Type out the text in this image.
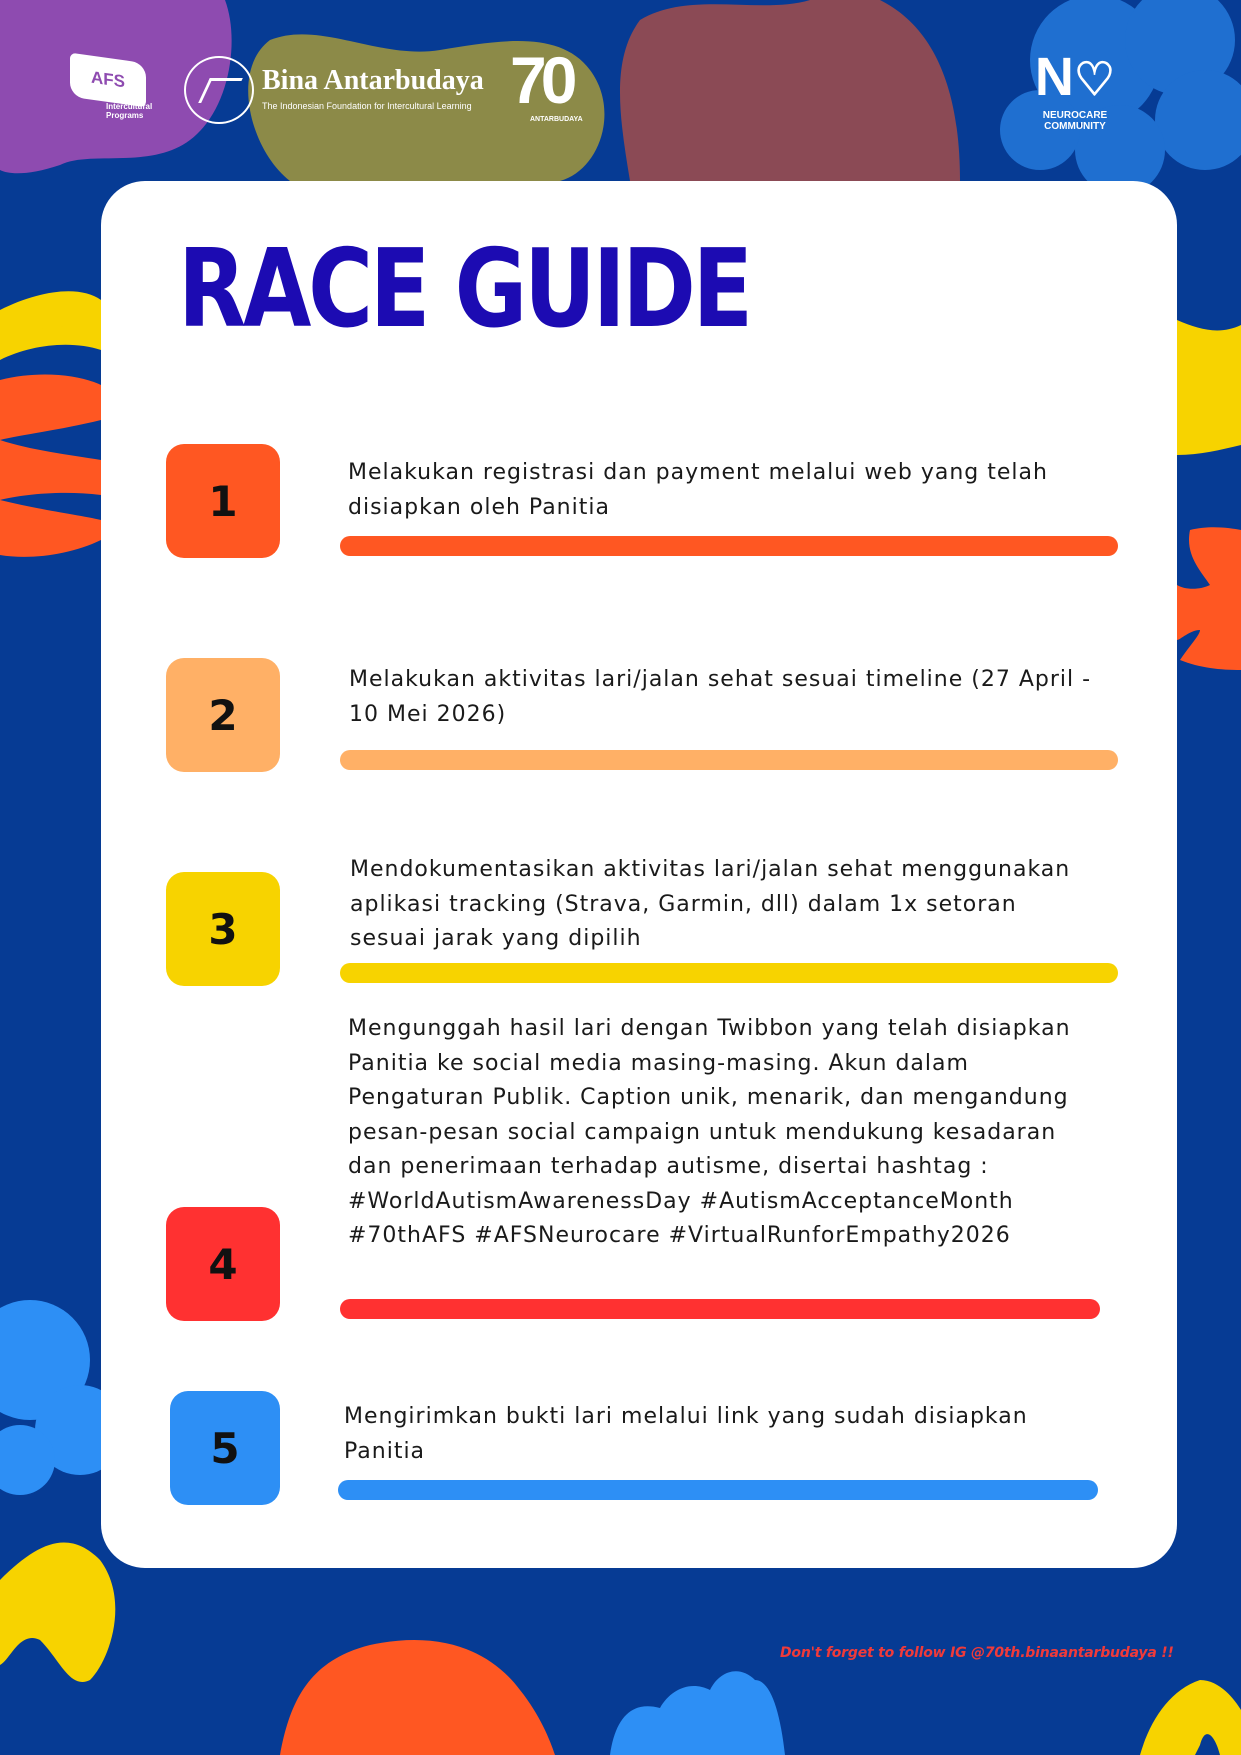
AFS
Intercultural
Programs
Bina Antarbudaya
The Indonesian Foundation for Intercultural Learning 70
ANTARBUDAYA
N♡
NEUROCARE COMMUNITY
RACE GUIDE
1
Melakukan registrasi dan payment melalui web yang telah disiapkan oleh Panitia
2
Melakukan aktivitas lari/jalan sehat sesuai timeline (27 April - 10 Mei 2026)
3
Mendokumentasikan aktivitas lari/jalan sehat menggunakan aplikasi tracking (Strava, Garmin, dll) dalam 1x setoran sesuai jarak yang dipilih
4
Mengunggah hasil lari dengan Twibbon yang telah disiapkan Panitia ke social media masing-masing. Akun dalam Pengaturan Publik. Caption unik, menarik, dan mengandung pesan-pesan social campaign untuk mendukung kesadaran dan penerimaan terhadap autisme, disertai hashtag : #WorldAutismAwarenessDay #AutismAcceptanceMonth #70thAFS #AFSNeurocare #VirtualRunforEmpathy2026
5
Mengirimkan bukti lari melalui link yang sudah disiapkan Panitia
Don't forget to follow IG @70th.binaantarbudaya !!
